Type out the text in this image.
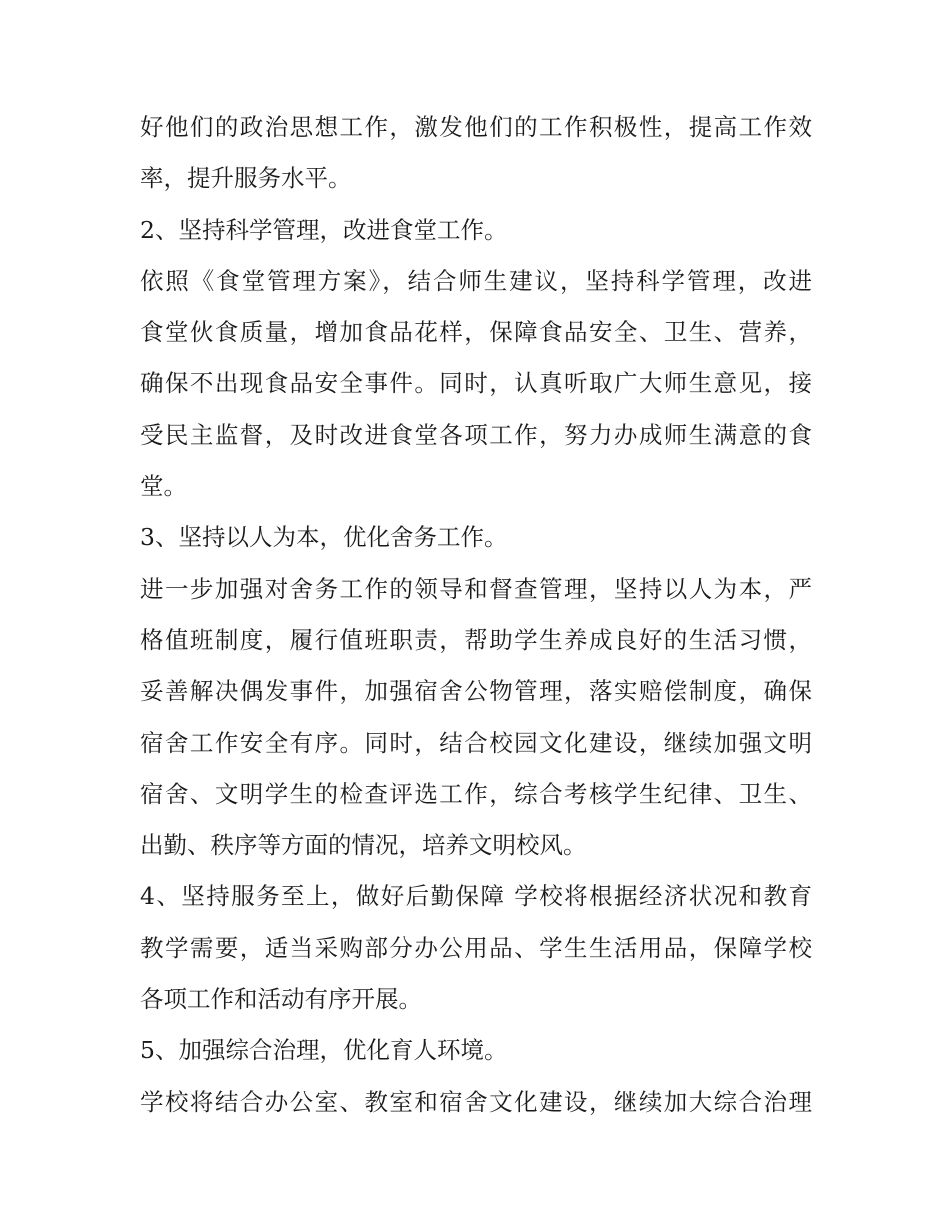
好他们的政治思想工作，激发他们的工作积极性，提高工作效
率，提升服务水平。
2、坚持科学管理，改进食堂工作。
依照《食堂管理方案》，结合师生建议，坚持科学管理，改进
食堂伙食质量，增加食品花样，保障食品安全、卫生、营养，
确保不出现食品安全事件。同时，认真听取广大师生意见，接
受民主监督，及时改进食堂各项工作，努力办成师生满意的食
堂。
3、坚持以人为本，优化舍务工作。
进一步加强对舍务工作的领导和督查管理，坚持以人为本，严
格值班制度，履行值班职责，帮助学生养成良好的生活习惯，
妥善解决偶发事件，加强宿舍公物管理，落实赔偿制度，确保
宿舍工作安全有序。同时，结合校园文化建设，继续加强文明
宿舍、文明学生的检查评选工作，综合考核学生纪律、卫生、
出勤、秩序等方面的情况，培养文明校风。
4、坚持服务至上，做好后勤保障 学校将根据经济状况和教育
教学需要，适当采购部分办公用品、学生生活用品，保障学校
各项工作和活动有序开展。
5、加强综合治理，优化育人环境。
学校将结合办公室、教室和宿舍文化建设，继续加大综合治理
